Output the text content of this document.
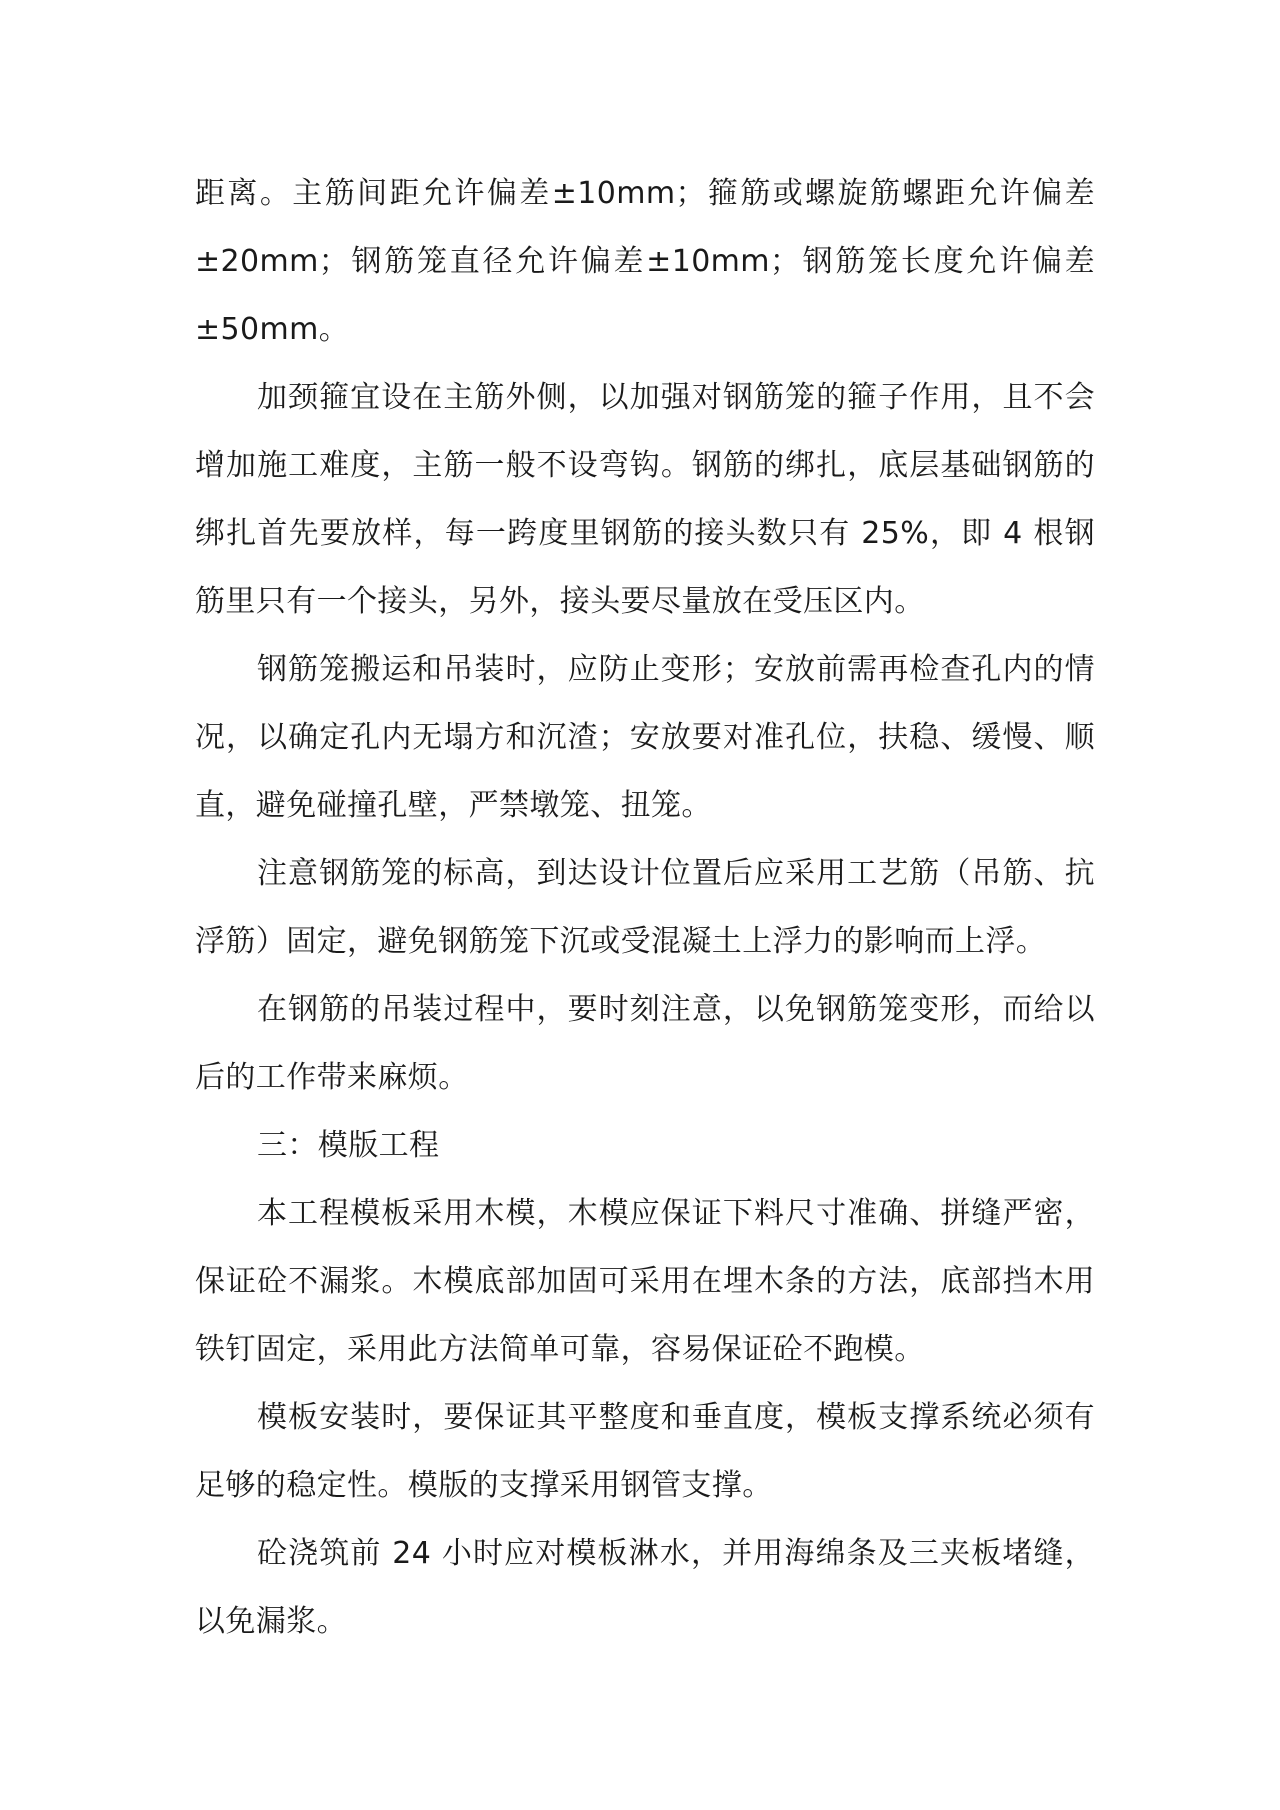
距离。主筋间距允许偏差±10mm；箍筋或螺旋筋螺距允许偏差±20mm；钢筋笼直径允许偏差±10mm；钢筋笼长度允许偏差±50mm。

加颈箍宜设在主筋外侧，以加强对钢筋笼的箍子作用，且不会增加施工难度，主筋一般不设弯钩。钢筋的绑扎，底层基础钢筋的绑扎首先要放样，每一跨度里钢筋的接头数只有 25%，即 4 根钢筋里只有一个接头，另外，接头要尽量放在受压区内。

钢筋笼搬运和吊装时，应防止变形；安放前需再检查孔内的情况，以确定孔内无塌方和沉渣；安放要对准孔位，扶稳、缓慢、顺直，避免碰撞孔壁，严禁墩笼、扭笼。

注意钢筋笼的标高，到达设计位置后应采用工艺筋（吊筋、抗浮筋）固定，避免钢筋笼下沉或受混凝土上浮力的影响而上浮。

在钢筋的吊装过程中，要时刻注意，以免钢筋笼变形，而给以后的工作带来麻烦。

三：模版工程

本工程模板采用木模，木模应保证下料尺寸准确、拼缝严密，保证砼不漏浆。木模底部加固可采用在埋木条的方法，底部挡木用铁钉固定，采用此方法简单可靠，容易保证砼不跑模。

模板安装时，要保证其平整度和垂直度，模板支撑系统必须有足够的稳定性。模版的支撑采用钢管支撑。

砼浇筑前 24 小时应对模板淋水，并用海绵条及三夹板堵缝，以免漏浆。
